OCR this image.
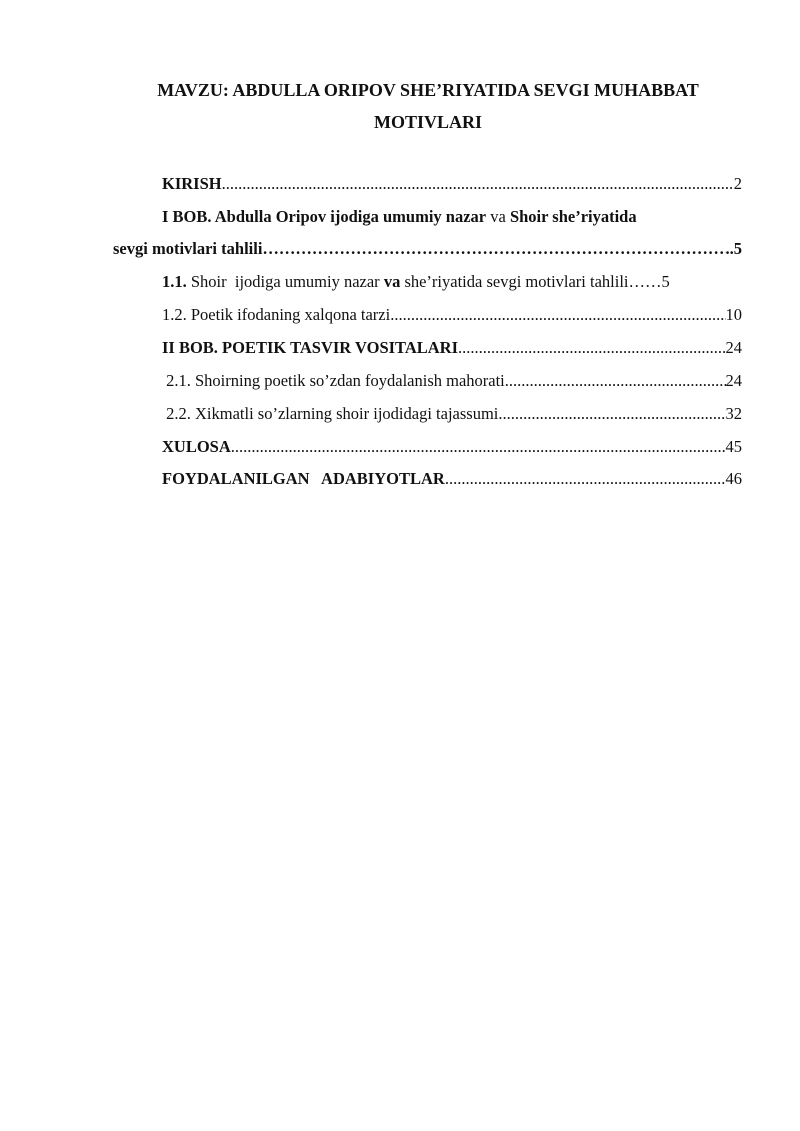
MAVZU: ABDULLA ORIPOV SHE’RIYATIDA SEVGI MUHABBAT
MOTIVLARI
KIRISH .....	2
I BOB. Abdulla Oripov ijodiga umumiy nazar va Shoir she’riyatida
sevgi motivlari tahlili ………………………………………………………………………………………………………………………………………………………	..5
1.1. Shoir  ijodiga umumiy nazar va she’riyatida sevgi motivlari tahlili …… 5
1.2. Poetik ifodaning xalqona tarzi .....	10
II BOB. POETIK TASVIR VOSITALARI .....	24
2.1. Shoirning poetik so’zdan foydalanish mahorati .....	24
2.2. Xikmatli so’zlarning shoir ijodidagi tajassumi .....	32
XULOSA .....	45
FOYDALANILGAN   ADABIYOTLAR .....	46
